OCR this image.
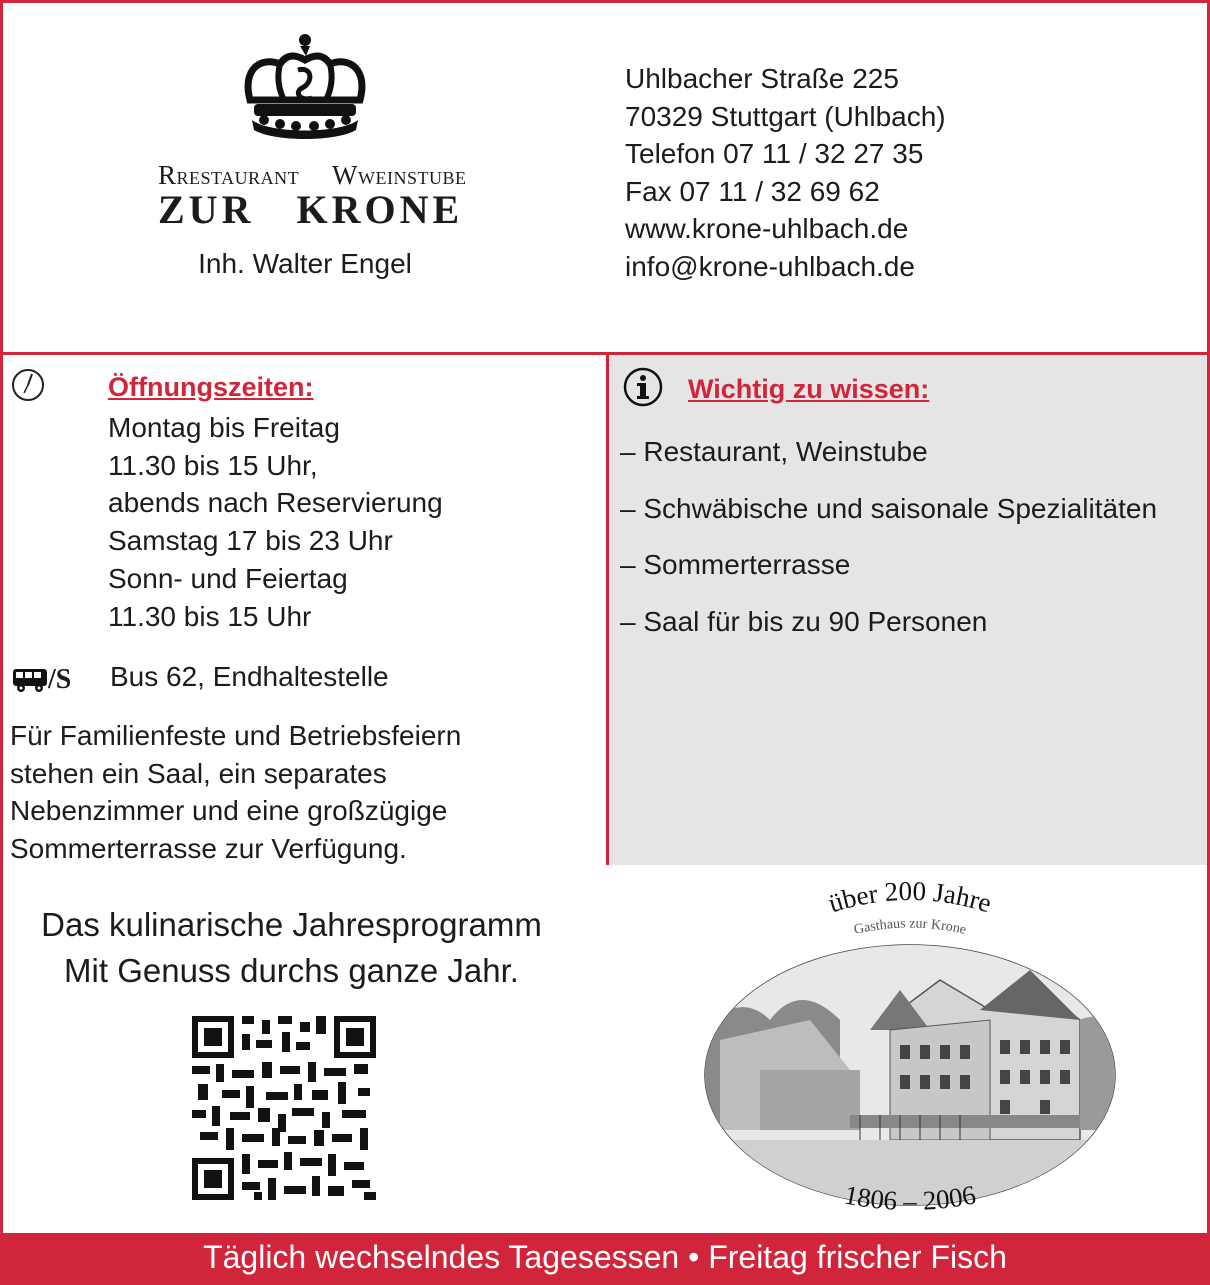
RRESTAURANT WWEINSTUBE
ZUR KRONE
Inh. Walter Engel
Uhlbacher Straße 225
70329 Stuttgart (Uhlbach)
Telefon 07 11 / 32 27 35
Fax 07 11 / 32 69 62
www.krone-uhlbach.de
info@krone-uhlbach.de
Öffnungszeiten:
Montag bis Freitag
11.30 bis 15 Uhr,
abends nach Reservierung
Samstag 17 bis 23 Uhr
Sonn- und Feiertag
11.30 bis 15 Uhr
/S Bus 62, Endhaltestelle
Für Familienfeste und Betriebsfeiern
stehen ein Saal, ein separates
Nebenzimmer und eine großzügige
Sommerterrasse zur Verfügung.
Das kulinarische Jahresprogramm
Mit Genuss durchs ganze Jahr.
Wichtig zu wissen:
– Restaurant, Weinstube
– Schwäbische und saisonale Spezialitäten
– Sommerterrasse
– Saal für bis zu 90 Personen
über 200 Jahre
Gasthaus zur Krone
1806 – 2006
Täglich wechselndes Tagesessen • Freitag frischer Fisch
